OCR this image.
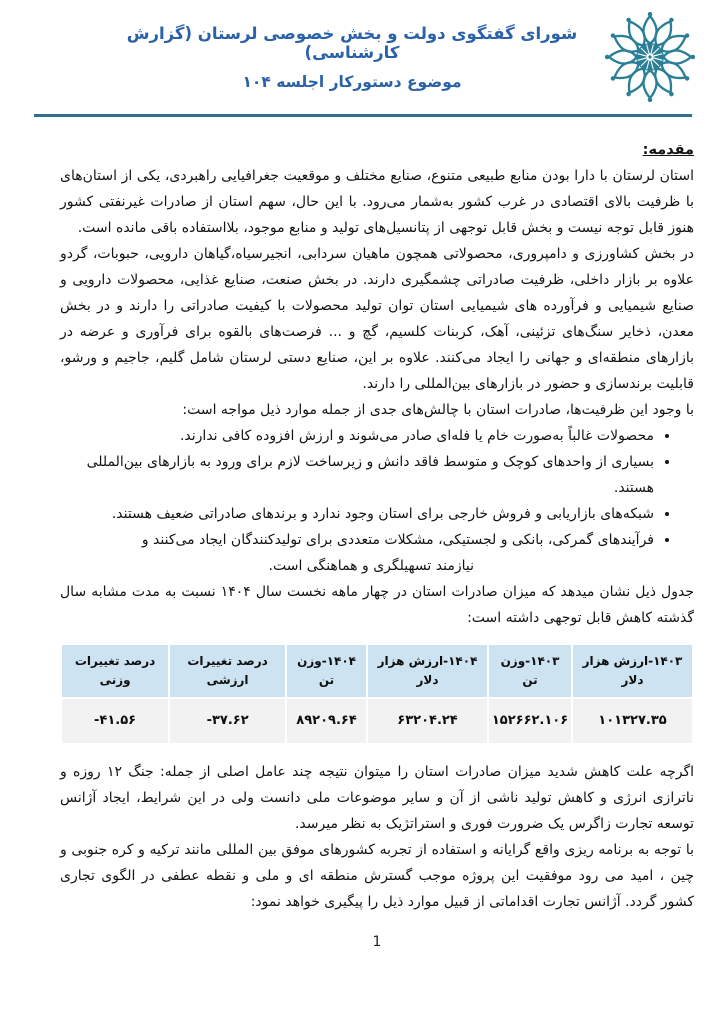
شورای گفتگوی دولت و بخش خصوصی لرستان (گزارش کارشناسی)
موضوع دستورکار اجلسه ۱۰۴
مقدمه:

استان لرستان با دارا بودن منابع طبیعی متنوع، صنایع مختلف و موقعیت جغرافیایی راهبردی، یکی از استان‌های با ظرفیت بالای اقتصادی در غرب کشور به‌شمار می‌رود. با این حال، سهم استان از صادرات غیرنفتی کشور هنوز قابل توجه نیست و بخش قابل توجهی از پتانسیل‌های تولید و منابع موجود، بلااستفاده باقی مانده است.

در بخش کشاورزی و دامپروری، محصولاتی همچون ماهیان سردابی، انجیرسیاه،گیاهان دارویی، حبوبات، گردو علاوه بر بازار داخلی، ظرفیت صادراتی چشمگیری دارند. در بخش صنعت، صنایع غذایی، محصولات دارویی و صنایع شیمیایی و فرآورده های شیمیایی استان توان تولید محصولات با کیفیت صادراتی را دارند و در بخش معدن، ذخایر سنگ‌های تزئینی، آهک، کربنات کلسیم، گچ و ... فرصت‌های بالقوه برای فرآوری و عرضه در بازارهای منطقه‌ای و جهانی را ایجاد می‌کنند. علاوه بر این، صنایع دستی لرستان شامل گلیم، جاجیم و ورشو، قابلیت برندسازی و حضور در بازارهای بین‌المللی را دارند.

با وجود این ظرفیت‌ها، صادرات استان با چالش‌های جدی از جمله موارد ذیل مواجه است:

• محصولات غالباً به‌صورت خام یا فله‌ای صادر می‌شوند و ارزش افزوده کافی ندارند.
• بسیاری از واحدهای کوچک و متوسط فاقد دانش و زیرساخت لازم برای ورود به بازارهای بین‌المللی
هستند.
• شبکه‌های بازاریابی و فروش خارجی برای استان وجود ندارد و برندهای صادراتی ضعیف هستند.
• فرآیندهای گمرکی، بانکی و لجستیکی، مشکلات متعددی برای تولیدکنندگان ایجاد می‌کنند و
نیازمند تسهیلگری و هماهنگی است.

جدول ذیل نشان میدهد که میزان صادرات استان در چهار ماهه نخست سال ۱۴۰۴ نسبت به مدت مشابه سال گذشته کاهش قابل توجهی داشته است:

۱۴۰۳-ارزش هزار دلار	۱۴۰۳-وزن تن	۱۴۰۴-ارزش هزار دلار	۱۴۰۴-وزن تن	درصد تغییرات ارزشی	درصد تغییرات وزنی
۱۰۱۳۲۷.۳۵	۱۵۲۶۶۲.۱۰۶	۶۳۲۰۴.۲۴	۸۹۲۰۹.۶۴	-۳۷.۶۲	-۴۱.۵۶

اگرچه علت کاهش شدید میزان صادرات استان را میتوان نتیجه چند عامل اصلی از جمله: جنگ ۱۲ روزه و ناترازی انرژی و کاهش تولید ناشی از آن و سایر موضوعات ملی دانست ولی در این شرایط، ایجاد آژانس توسعه تجارت زاگرس یک ضرورت فوری و استراتژیک به نظر میرسد.

با توجه به برنامه ریزی واقع گرایانه و استفاده از تجربه کشورهای موفق بین المللی مانند ترکیه و کره جنوبی و چین ، امید می رود موفقیت این پروژه موجب گسترش منطقه ای و ملی و نقطه عطفی در الگوی تجاری کشور گردد. آژانس تجارت اقداماتی از قبیل موارد ذیل را پیگیری خواهد نمود:

1
